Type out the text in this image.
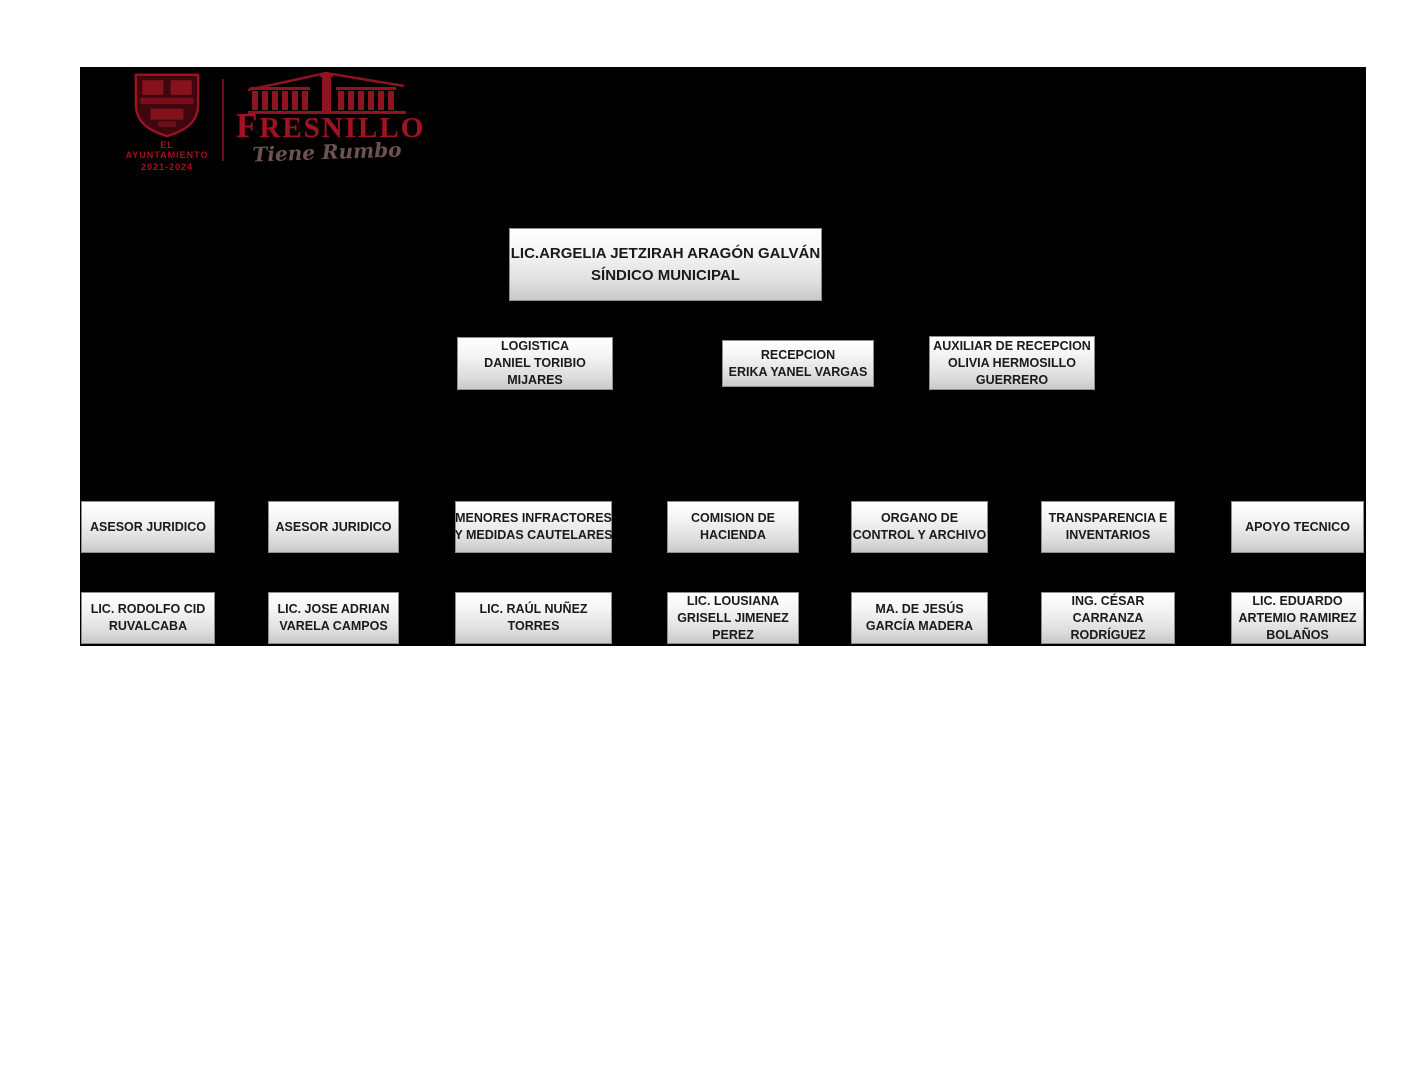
EL AYUNTAMIENTO
2021-2024
FRESNILLO
Tiene Rumbo
LIC.ARGELIA JETZIRAH ARAGÓN GALVÁN
SÍNDICO MUNICIPAL
LOGISTICA
DANIEL TORIBIO
MIJARES
RECEPCION
ERIKA YANEL VARGAS
AUXILIAR DE RECEPCION
OLIVIA HERMOSILLO
GUERRERO
ASESOR JURIDICO	ASESOR JURIDICO
MENORES INFRACTORES
Y MEDIDAS CAUTELARES
COMISION DE
HACIENDA
ORGANO DE
CONTROL Y ARCHIVO
TRANSPARENCIA E
INVENTARIOS
APOYO TECNICO
LIC. RODOLFO CID
RUVALCABA
LIC. JOSE ADRIAN
VARELA CAMPOS
LIC. RAÚL NUÑEZ
TORRES
LIC. LOUSIANA
GRISELL JIMENEZ
PEREZ
MA. DE JESÚS
GARCÍA MADERA
ING. CÉSAR
CARRANZA
RODRÍGUEZ
LIC. EDUARDO
ARTEMIO RAMIREZ
BOLAÑOS
